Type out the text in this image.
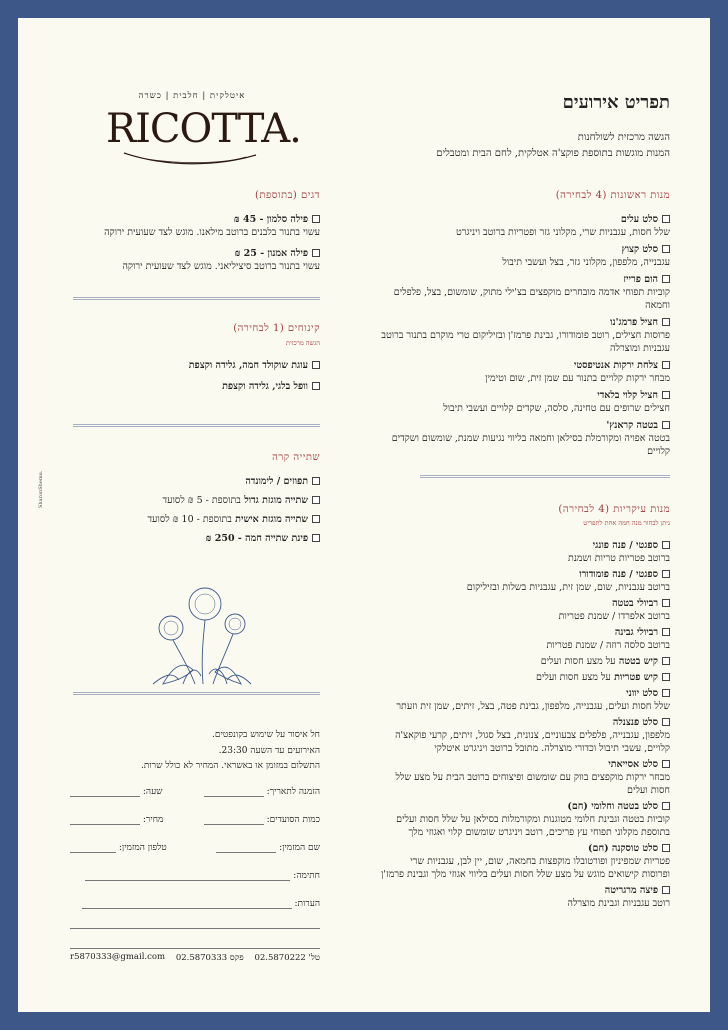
תפריט אירועים
הגשה מרכזית לשולחנות
המנות מוגשות בתוספת פוקצ'ה אטלקית, לחם הבית ומטבלים
איטלקית | חלבית | כשרה
RICOTTA.
מנות ראשונות (4 לבחירה)
סלט עלים
שלל חסות, עגבניות שרי, מקלוני גזר ופטריות ברוטב ויניגרט
סלט קצוץ
עגבנייה, מלפפון, מקלוני גזר, בצל ועשבי תיבול
הום פרייז
קוביות תפוחי אדמה מובחרים מוקפצים בצ'ילי מתוק, שומשום, בצל, פלפלים וחמאה
חציל פרמג'נו
פרוסות חצילים, רוטב פומודורו, גבינת פרמז'ן ובזיליקום טרי מוקרם בתנור ברוטב עגבניות ומוצרלה
צלחת ירקות אנטיפסטי
מבחר ירקות קלויים בתנור עם שמן זית, שום וטימין
חציל קלוי בלאדי
חצילים שרופים עם טחינה, סלסה, שקדים קלויים ועשבי תיבול
בטטה קראנץ'
בטטה אפויה ומקורמלת בסילאן וחמאה בליווי נגיעות שמנת, שומשום ושקדים קלויים
מנות עיקריות (4 לבחירה)
ניתן לבחור מנה חמה אחת לתפריט
ספגטי / פנה פונגי
ברוטב פטריות טריות ושמנת
ספגטי / פנה פומודורו
ברוטב עגבניות, שום, שמן זית, עגבניות בשלות ובזיליקום
רביולי בטטה
ברוטב אלפרדו / שמנת פטריות
רביולי גבינה
ברוטב סלסה רוזה / שמנת פטריות
קיש בטטה על מצע חסות ועלים
קיש פטריות על מצע חסות ועלים
סלט יווני
שלל חסות ועלים, עגבנייה, מלפפון, גבינת פטה, בצל, זיתים, שמן זית וזעתר
סלט פנצנלה
מלפפון, עגבנייה, פלפלים צבעוניים, צנונית, בצל סגול, זיתים, קרעי פוקאצ'ה קלויים, עשבי תיבול וכדורי מוצרלה. מתובל ברוטב ויניגרט איטלקי
סלט אסייאתי
מבחר ירקות מוקפצים בווק עם שומשום ופיצוחים ברוטב הבית על מצע שלל חסות ועלים
סלט בטטה וחלומי (חם)
קוביות בטטה וגבינת חלומי מטוגנות ומקורמלות בסילאן על שלל חסות ועלים בתוספת מקלוני תפוחי עץ פריכים, רוטב ויניגרט שומשום קלוי ואגוזי מלך
סלט טוסקנה (חם)
פטריות שמפיניון ופורטובלו מוקפצות בחמאה, שום, יין לבן, עגבניות שרי ופרוסות קישואים מוגש על מצע שלל חסות ועלים בליווי אגוזי מלך וגבינת פרמז'ן
פיצה מרגריטה
רוטב עגבניות וגבינת מוצרלה
דגים (בתוספת)
פילה סלמון - 45 ₪
עשוי בתנור בלבנים ברוטב מילאנו. מוגש לצד שעועית ירוקה
פילה אמנון - 25 ₪
עשוי בתנור ברוטב סיציליאני. מוגש לצד שעועית ירוקה
קינוחים (1 לבחירה)
הגשה מרכזית
עוגת שוקולד חמה, גלידה וקצפת
וופל בלגי, גלידה וקצפת
שתייה קרה
תפוזים / לימונדה
שתייה מוגזת גדול בתוספת - 5 ₪ לסועד
שתייה מוגזת אישית בתוספת - 10 ₪ לסועד
פינת שתייה חמה - 250 ₪
חל איסור על שימוש בקונפטים.
האירועים עד השעה 23:30.
התשלום במזומן או באשראי. המחיר לא כולל שרות.
הזמנה לתאריך:
שעה:
כמות הסועדים:
מחיר:
שם המזמין:
טלפון המזמין:
חתימה:
הערות:
טל' 02.5870222
פקס 02.5870333
r5870333@gmail.com
SharonShemu.
